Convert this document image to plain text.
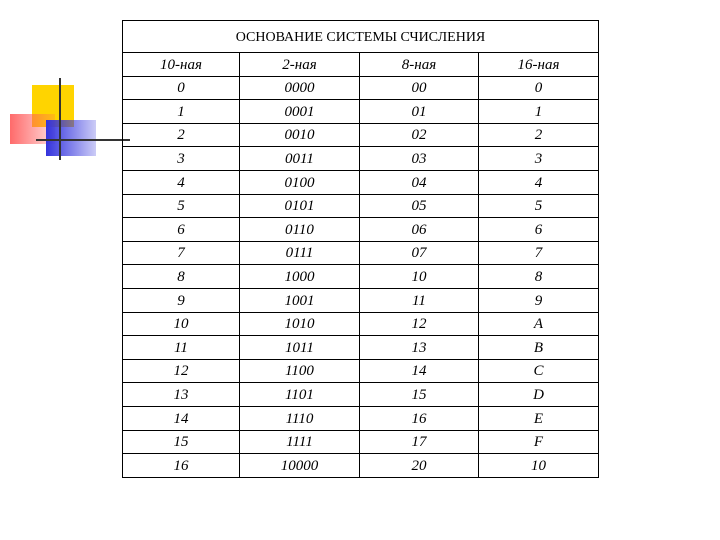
ОСНОВАНИЕ СИСТЕМЫ СЧИСЛЕНИЯ			
10-ная	2-ная	8-ная	16-ная
0	0000	00	0
1	0001	01	1
2	0010	02	2
3	0011	03	3
4	0100	04	4
5	0101	05	5
6	0110	06	6
7	0111	07	7
8	1000	10	8
9	1001	11	9
10	1010	12	A
11	1011	13	B
12	1100	14	C
13	1101	15	D
14	1110	16	E
15	1111	17	F
16	10000	20	10
